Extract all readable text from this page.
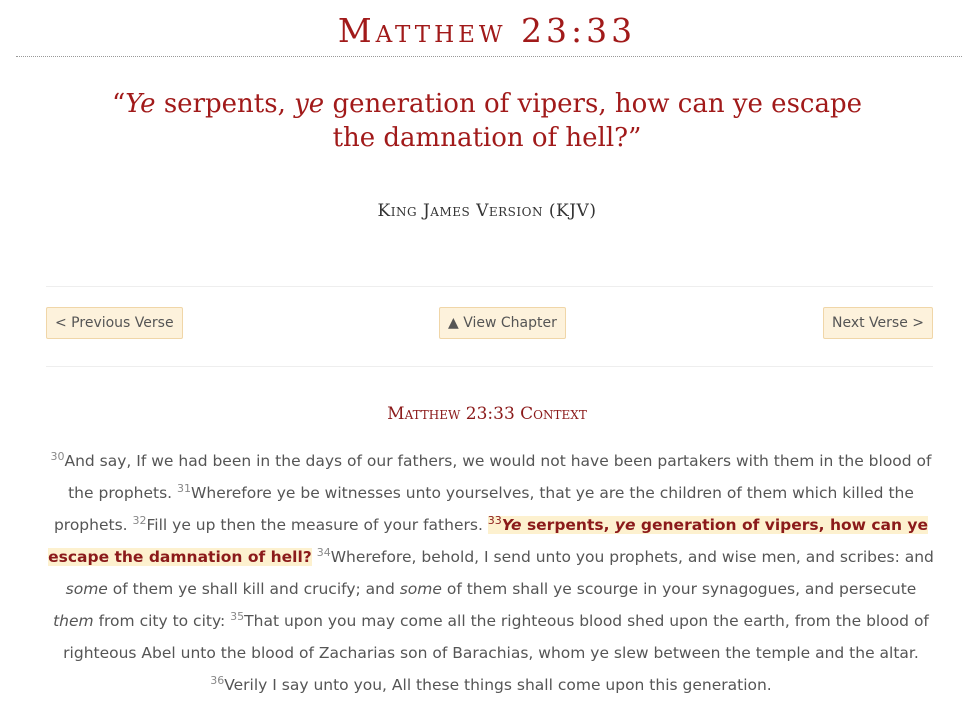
Matthew 23:33
“Ye serpents, ye generation of vipers, how can ye escape the damnation of hell?”
King James Version (KJV)
< Previous Verse	▲ View Chapter	Next Verse >
Matthew 23:33 Context
$^{30}$And say, If we had been in the days of our fathers, we would not have been partakers with them in the blood of the prophets. $^{31}$Wherefore ye be witnesses unto yourselves, that ye are the children of them which killed the prophets. $^{32}$Fill ye up then the measure of your fathers. $^{33}$Ye serpents, ye generation of vipers, how can ye escape the damnation of hell? $^{34}$Wherefore, behold, I send unto you prophets, and wise men, and scribes: and some of them ye shall kill and crucify; and some of them shall ye scourge in your synagogues, and persecute them from city to city: $^{35}$That upon you may come all the righteous blood shed upon the earth, from the blood of righteous Abel unto the blood of Zacharias son of Barachias, whom ye slew between the temple and the altar. $^{36}$Verily I say unto you, All these things shall come upon this generation.
